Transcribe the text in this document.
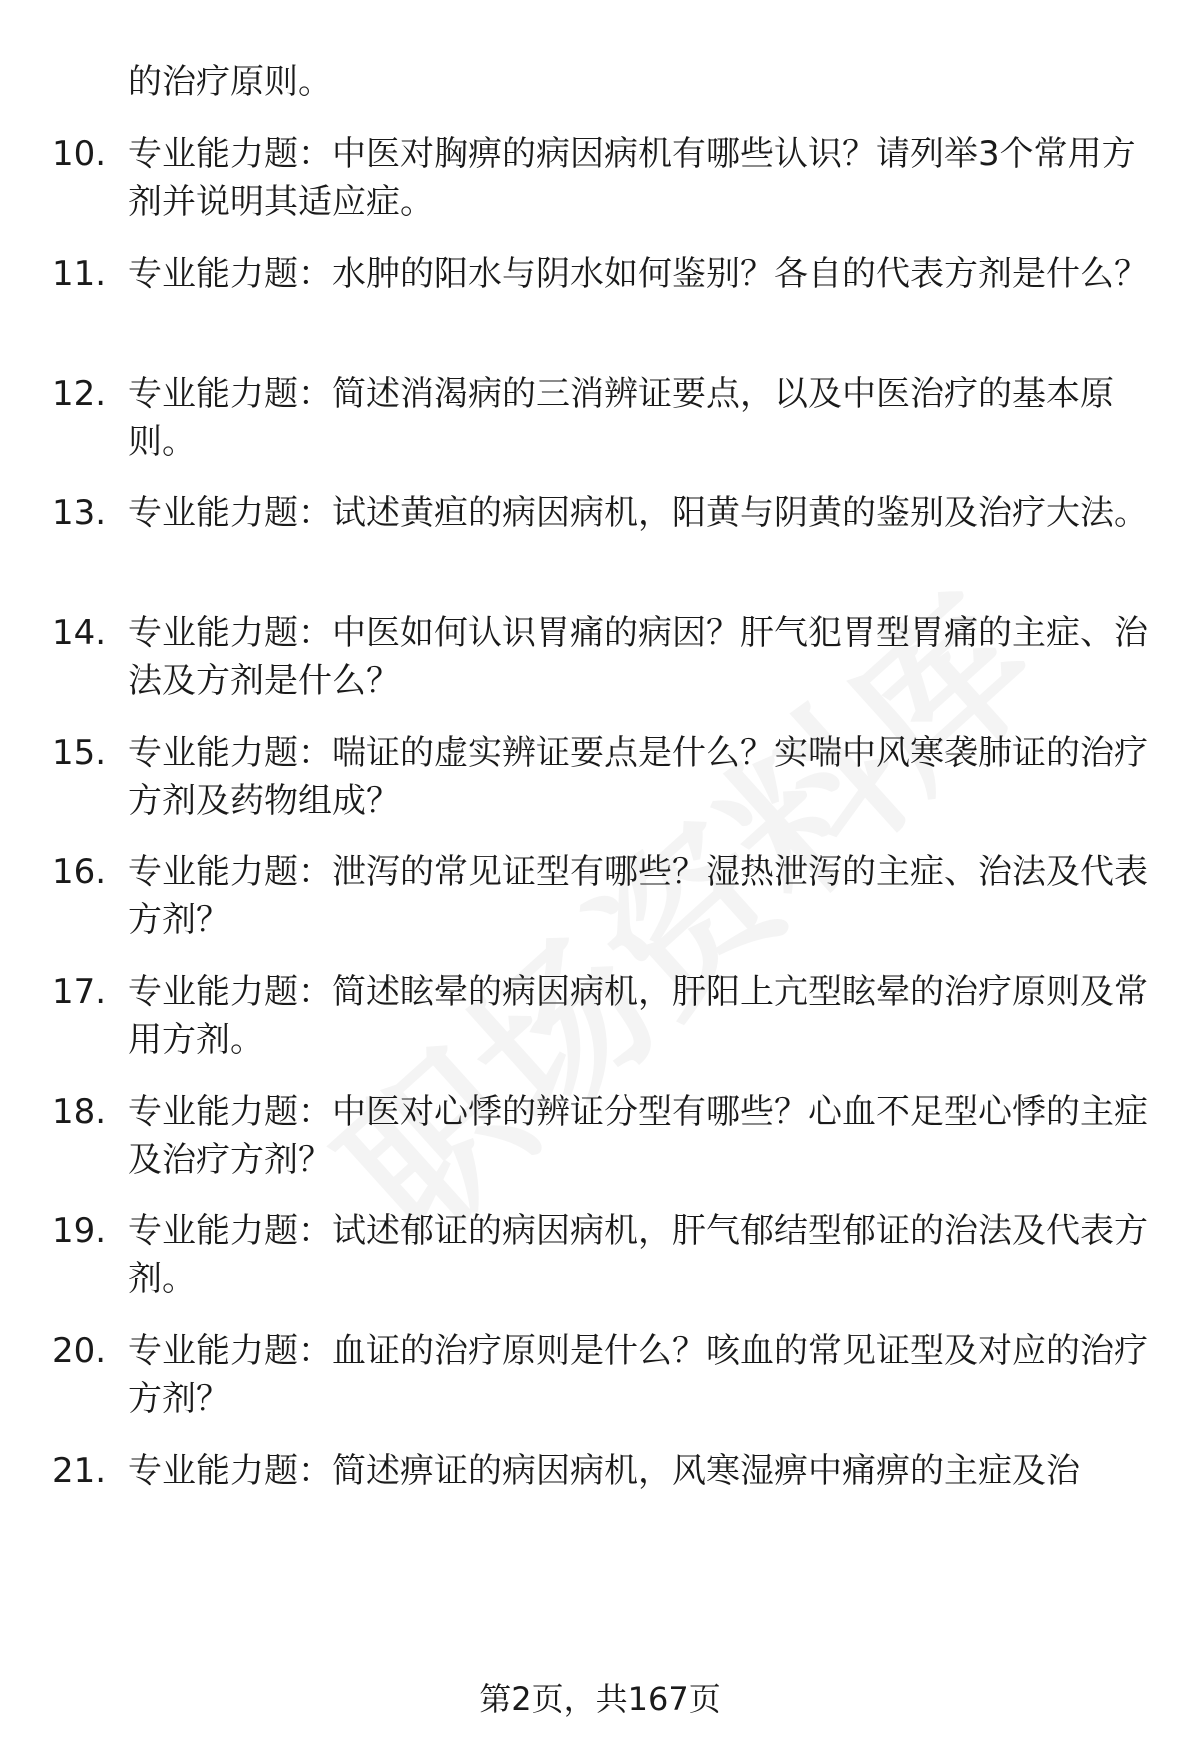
的治疗原则。

10. 专业能力题：中医对胸痹的病因病机有哪些认识？请列举3个常用方剂并说明其适应症。
11. 专业能力题：水肿的阳水与阴水如何鉴别？各自的代表方剂是什么？
12. 专业能力题：简述消渴病的三消辨证要点，以及中医治疗的基本原则。
13. 专业能力题：试述黄疸的病因病机，阳黄与阴黄的鉴别及治疗大法。
14. 专业能力题：中医如何认识胃痛的病因？肝气犯胃型胃痛的主症、治法及方剂是什么？
15. 专业能力题：喘证的虚实辨证要点是什么？实喘中风寒袭肺证的治疗方剂及药物组成？
16. 专业能力题：泄泻的常见证型有哪些？湿热泄泻的主症、治法及代表方剂？
17. 专业能力题：简述眩晕的病因病机，肝阳上亢型眩晕的治疗原则及常用方剂。
18. 专业能力题：中医对心悸的辨证分型有哪些？心血不足型心悸的主症及治疗方剂？
19. 专业能力题：试述郁证的病因病机，肝气郁结型郁证的治法及代表方剂。
20. 专业能力题：血证的治疗原则是什么？咳血的常见证型及对应的治疗方剂？
21. 专业能力题：简述痹证的病因病机，风寒湿痹中痛痹的主症及治
第2页，共167页
